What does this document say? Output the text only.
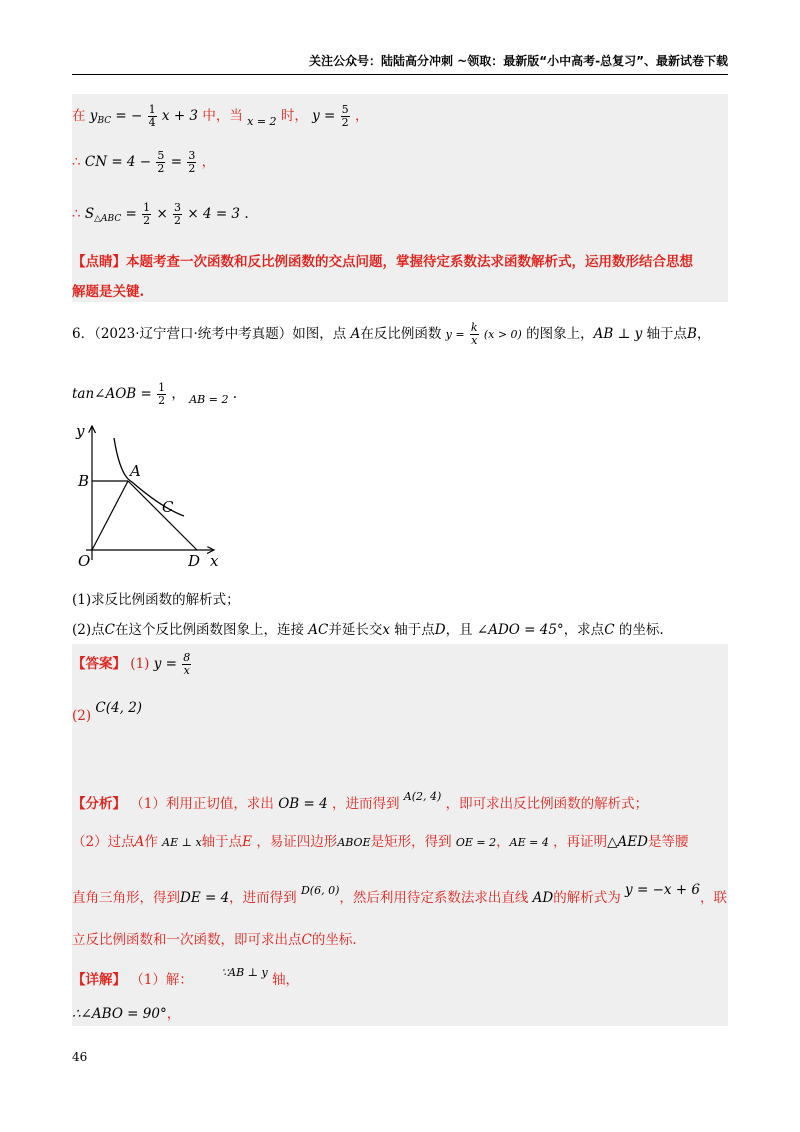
关注公众号：陆陆高分冲刺 ~领取：最新版“小中高考-总复习”、最新试卷下载
在 $y_{BC}$ = − $\frac{1}{4}$ x + 3 中，当 $_{x = 2}$ 时， $y = \frac{5}{2}$ ，
∴ CN = $4 - \frac{5}{2} = \frac{3}{2}$ ，
∴ $S_{\triangle ABC} = \frac{1}{2} \times \frac{3}{2} \times 4 = 3$ .
【点睛】本题考查一次函数和反比例函数的交点问题，掌握待定系数法求函数解析式，运用数形结合思想
解题是关键.
6．（2023·辽宁营口·统考中考真题）如图，点 A在反比例函数 $y = \frac{k}{x} (x > 0)$ 的图象上，AB ⊥ y 轴于点B，
tan∠AOB = $\frac{1}{2}$ ， $_{AB = 2}$ .
y
x
O
A
B
C
D
(1)求反比例函数的解析式；
(2)点C在这个反比例函数图象上，连接 AC并延长交x 轴于点D，且 ∠ADO = 45°，求点C 的坐标.
【答案】 (1) $y = \frac{8}{x}$
(2) C(4, 2)
【分析】 （1）利用正切值，求出 OB = 4 ，进而得到 $^{A(2, 4)}$ ，即可求出反比例函数的解析式；
（2）过点A作 AE ⊥ x轴于点E ，易证四边形ABOE是矩形，得到 OE = 2，AE = 4 ，再证明△AED是等腰
直角三角形，得到DE = 4，进而得到 $^{D(6, 0)}$，然后利用待定系数法求出直线 AD的解析式为 y = −x + 6，联
立反比例函数和一次函数，即可求出点C的坐标.
【详解】 （1）解：	∵AB ⊥ y 轴，
∴∠ABO = 90°，
46
